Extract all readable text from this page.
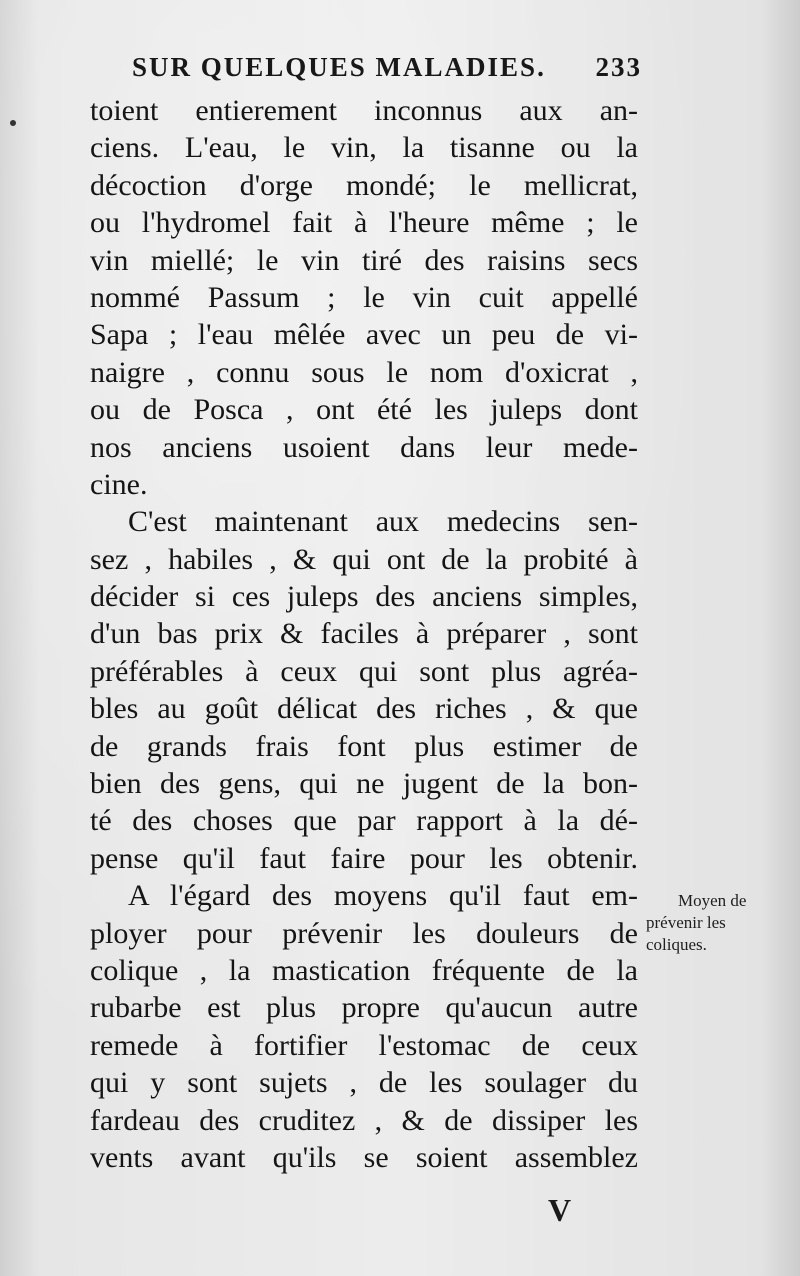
SUR QUELQUES MALADIES. 233
toient entierement inconnus aux an-
ciens. L'eau, le vin, la tisanne ou la
décoction d'orge mondé; le mellicrat,
ou l'hydromel fait à l'heure même ; le
vin miellé; le vin tiré des raisins secs
nommé Passum ; le vin cuit appellé
Sapa ; l'eau mêlée avec un peu de vi-
naigre , connu sous le nom d'oxicrat ,
ou de Posca , ont été les juleps dont
nos anciens usoient dans leur mede-
cine.
C'est maintenant aux medecins sen-
sez , habiles , & qui ont de la probité à
décider si ces juleps des anciens simples,
d'un bas prix & faciles à préparer , sont
préférables à ceux qui sont plus agréa-
bles au goût délicat des riches , & que
de grands frais font plus estimer de
bien des gens, qui ne jugent de la bon-
té des choses que par rapport à la dé-
pense qu'il faut faire pour les obtenir.
A l'égard des moyens qu'il faut em-
ployer pour prévenir les douleurs de
colique , la mastication fréquente de la
rubarbe est plus propre qu'aucun autre
remede à fortifier l'estomac de ceux
qui y sont sujets , de les soulager du
fardeau des cruditez , & de dissiper les
vents avant qu'ils se soient assemblez
Moyen de
prévenir les
coliques.
V
